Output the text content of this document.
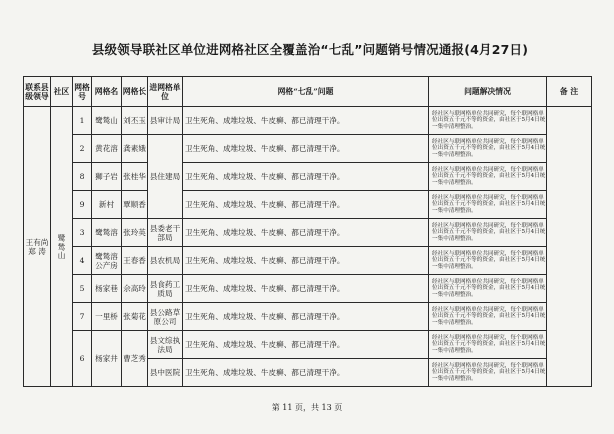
县级领导联社区单位进网格社区全覆盖治“七乱”问题销号情况通报(4月27日)
联系县级领导	社区	网格号	网格名	网格长	进网格单位	网格“七乱”问题	问题解决情况	备 注
王有尚 郑 涛	鹭鸶山	1	鹭鸶山	刘丕玉	县审计局	卫生死角、成堆垃圾、牛皮癣、都已清理干净。	经社区与联网格单位共同研究，每个联网格单位出资五千元不等的资金，由社区于5月4日统一集中清理整治。	
		2	黄花溶	龚素娥	县住建局	卫生死角、成堆垃圾、牛皮癣、都已清理干净。	经社区与联网格单位共同研究，每个联网格单位出资五千元不等的资金，由社区于5月4日统一集中清理整治。	
		8	狮子岩	张桂华		卫生死角、成堆垃圾、牛皮癣、都已清理干净。	经社区与联网格单位共同研究，每个联网格单位出资五千元不等的资金，由社区于5月4日统一集中清理整治。	
		9	新村	覃顺香		卫生死角、成堆垃圾、牛皮癣、都已清理干净。	经社区与联网格单位共同研究，每个联网格单位出资五千元不等的资金，由社区于5月4日统一集中清理整治。	
		3	鹭鸶溶	张玲英	县委老干部局	卫生死角、成堆垃圾、牛皮癣、都已清理干净。	经社区与联网格单位共同研究，每个联网格单位出资五千元不等的资金，由社区于5月4日统一集中清理整治。	
		4	鹭鸶溶公产房	王春香	县农机局	卫生死角、成堆垃圾、牛皮癣、都已清理干净。	经社区与联网格单位共同研究，每个联网格单位出资五千元不等的资金，由社区于5月4日统一集中清理整治。	
		5	杨家巷	佘高玲	县食药工质局	卫生死角、成堆垃圾、牛皮癣、都已清理干净。	经社区与联网格单位共同研究，每个联网格单位出资五千元不等的资金，由社区于5月4日统一集中清理整治。	
		7	一里桥	张菊花	县公路草原公司	卫生死角、成堆垃圾、牛皮癣、都已清理干净。	经社区与联网格单位共同研究，每个联网格单位出资五千元不等的资金，由社区于5月4日统一集中清理整治。	
		6	杨家井	曹芝秀	县文综执法局	卫生死角、成堆垃圾、牛皮癣、都已清理干净。	经社区与联网格单位共同研究，每个联网格单位出资五千元不等的资金，由社区于5月4日统一集中清理整治。	
					县中医院	卫生死角、成堆垃圾、牛皮癣、都已清理干净。	经社区与联网格单位共同研究，每个联网格单位出资五千元不等的资金，由社区于5月4日统一集中清理整治。	
第 11 页，共 13 页
